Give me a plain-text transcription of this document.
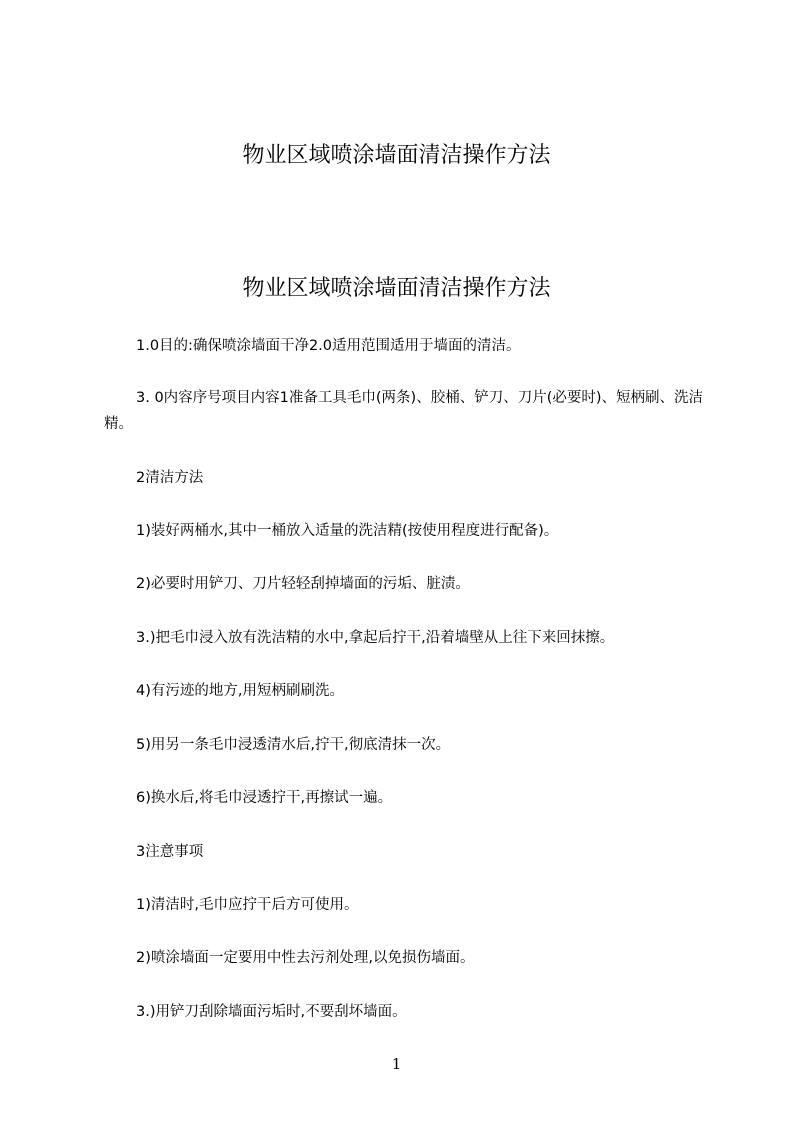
物业区域喷涂墙面清洁操作方法
物业区域喷涂墙面清洁操作方法

1.0目的:确保喷涂墙面干净2.0适用范围适用于墙面的清洁。

3. 0内容序号项目内容1准备工具毛巾(两条)、胶桶、铲刀、刀片(必要时)、短柄刷、洗洁精。

2清洁方法

1)装好两桶水,其中一桶放入适量的洗洁精(按使用程度进行配备)。

2)必要时用铲刀、刀片轻轻刮掉墙面的污垢、脏渍。

3.)把毛巾浸入放有洗洁精的水中,拿起后拧干,沿着墙壁从上往下来回抹擦。

4)有污迹的地方,用短柄刷刷洗。

5)用另一条毛巾浸透清水后,拧干,彻底清抹一次。

6)换水后,将毛巾浸透拧干,再擦试一遍。

3注意事项

1)清洁时,毛巾应拧干后方可使用。

2)喷涂墙面一定要用中性去污剂处理,以免损伤墙面。

3.)用铲刀刮除墙面污垢时,不要刮坏墙面。

1
